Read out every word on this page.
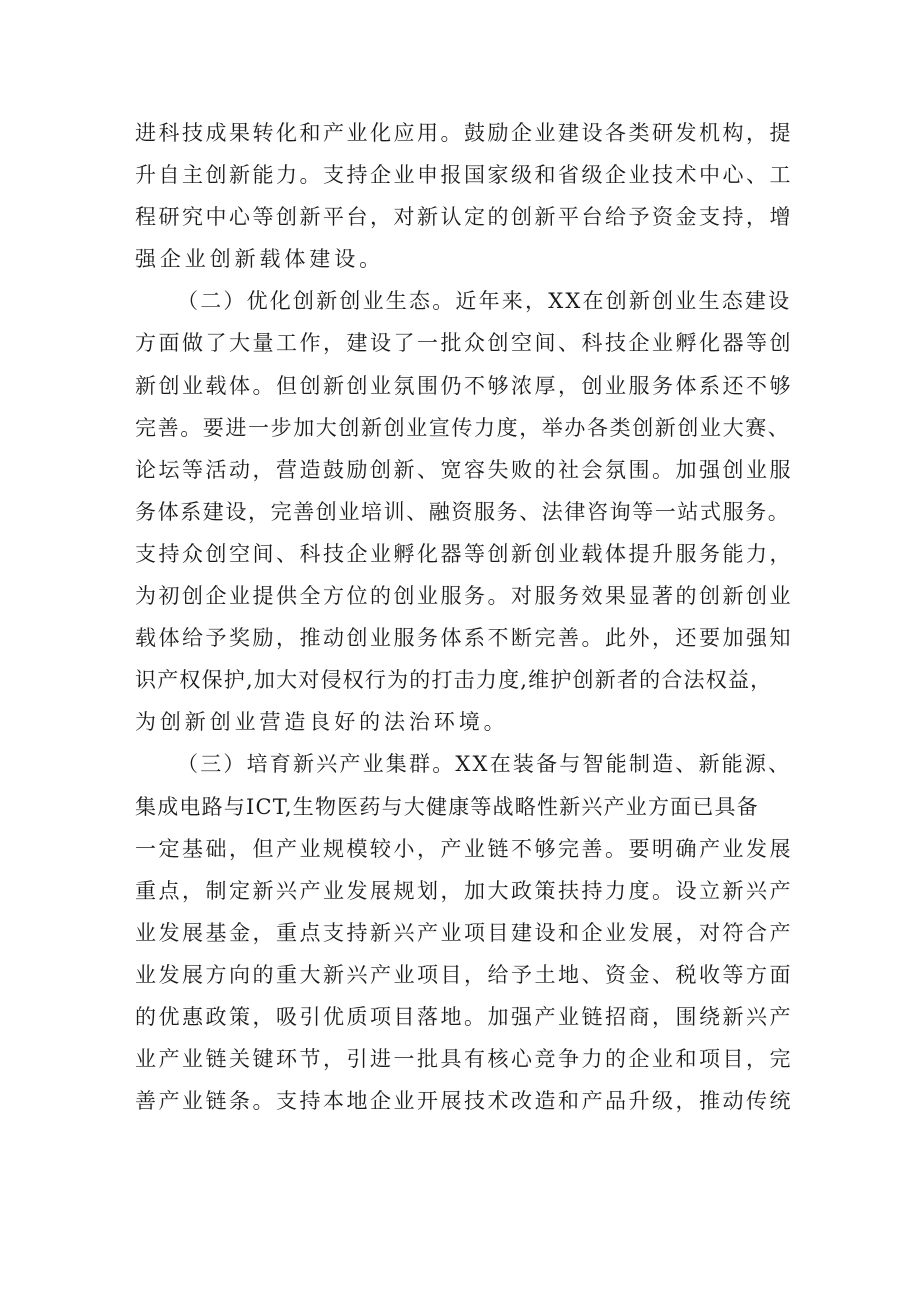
进科技成果转化和产业化应用。鼓励企业建设各类研发机构，提
升自主创新能力。支持企业申报国家级和省级企业技术中心、工
程研究中心等创新平台，对新认定的创新平台给予资金支持，增
强企业创新载体建设。
（二）优化创新创业生态。近年来，XX在创新创业生态建设
方面做了大量工作，建设了一批众创空间、科技企业孵化器等创
新创业载体。但创新创业氛围仍不够浓厚，创业服务体系还不够
完善。要进一步加大创新创业宣传力度，举办各类创新创业大赛、
论坛等活动，营造鼓励创新、宽容失败的社会氛围。加强创业服
务体系建设，完善创业培训、融资服务、法律咨询等一站式服务。
支持众创空间、科技企业孵化器等创新创业载体提升服务能力，
为初创企业提供全方位的创业服务。对服务效果显著的创新创业
载体给予奖励，推动创业服务体系不断完善。此外，还要加强知
识产权保护,加大对侵权行为的打击力度,维护创新者的合法权益，
为创新创业营造良好的法治环境。
（三）培育新兴产业集群。XX在装备与智能制造、新能源、
集成电路与ICT,生物医药与大健康等战略性新兴产业方面已具备
一定基础，但产业规模较小，产业链不够完善。要明确产业发展
重点，制定新兴产业发展规划，加大政策扶持力度。设立新兴产
业发展基金，重点支持新兴产业项目建设和企业发展，对符合产
业发展方向的重大新兴产业项目，给予土地、资金、税收等方面
的优惠政策，吸引优质项目落地。加强产业链招商，围绕新兴产
业产业链关键环节，引进一批具有核心竞争力的企业和项目，完
善产业链条。支持本地企业开展技术改造和产品升级，推动传统
